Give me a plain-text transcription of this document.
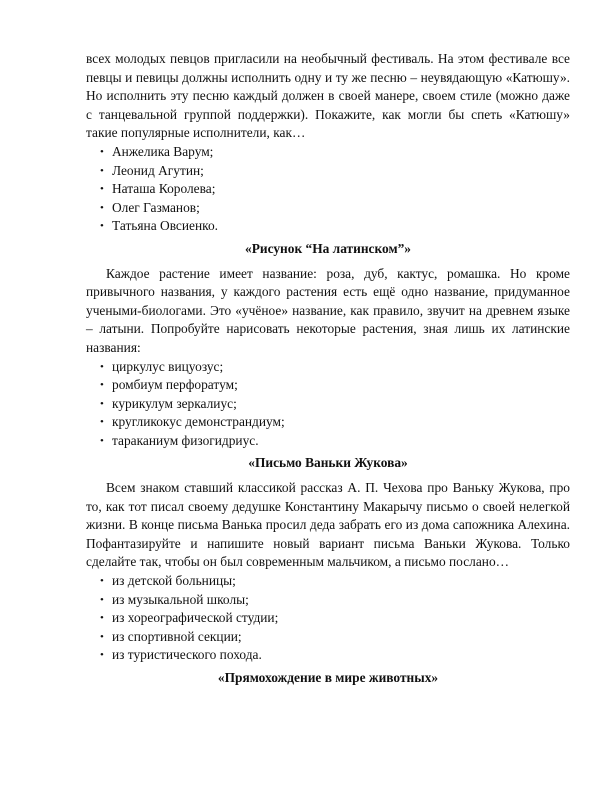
всех молодых певцов пригласили на необычный фестиваль. На этом фестивале все певцы и певицы должны исполнить одну и ту же песню – неувядающую «Катюшу». Но исполнить эту песню каждый должен в своей манере, своем стиле (можно даже с танцевальной группой поддержки). Покажите, как могли бы спеть «Катюшу» такие популярные исполнители, как…

• Анжелика Варум;
• Леонид Агутин;
• Наташа Королева;
• Олег Газманов;
• Татьяна Овсиенко.
«Рисунок “На латинском”»

Каждое растение имеет название: роза, дуб, кактус, ромашка. Но кроме привычного названия, у каждого растения есть ещё одно название, придуманное учеными-биологами. Это «учёное» название, как правило, звучит на древнем языке – латыни. Попробуйте нарисовать некоторые растения, зная лишь их латинские названия:

• циркулус вицуозус;
• ромбиум перфоратум;
• курикулум зеркалиус;
• кругликокус демонстрандиум;
• тараканиум физогидриус.
«Письмо Ваньки Жукова»

Всем знаком ставший классикой рассказ А. П. Чехова про Ваньку Жукова, про то, как тот писал своему дедушке Константину Макарычу письмо о своей нелегкой жизни. В конце письма Ванька просил деда забрать его из дома сапожника Алехина. Пофантазируйте и напишите новый вариант письма Ваньки Жукова. Только сделайте так, чтобы он был современным мальчиком, а письмо послано…

• из детской больницы;
• из музыкальной школы;
• из хореографической студии;
• из спортивной секции;
• из туристического похода.
«Прямохождение в мире животных»
